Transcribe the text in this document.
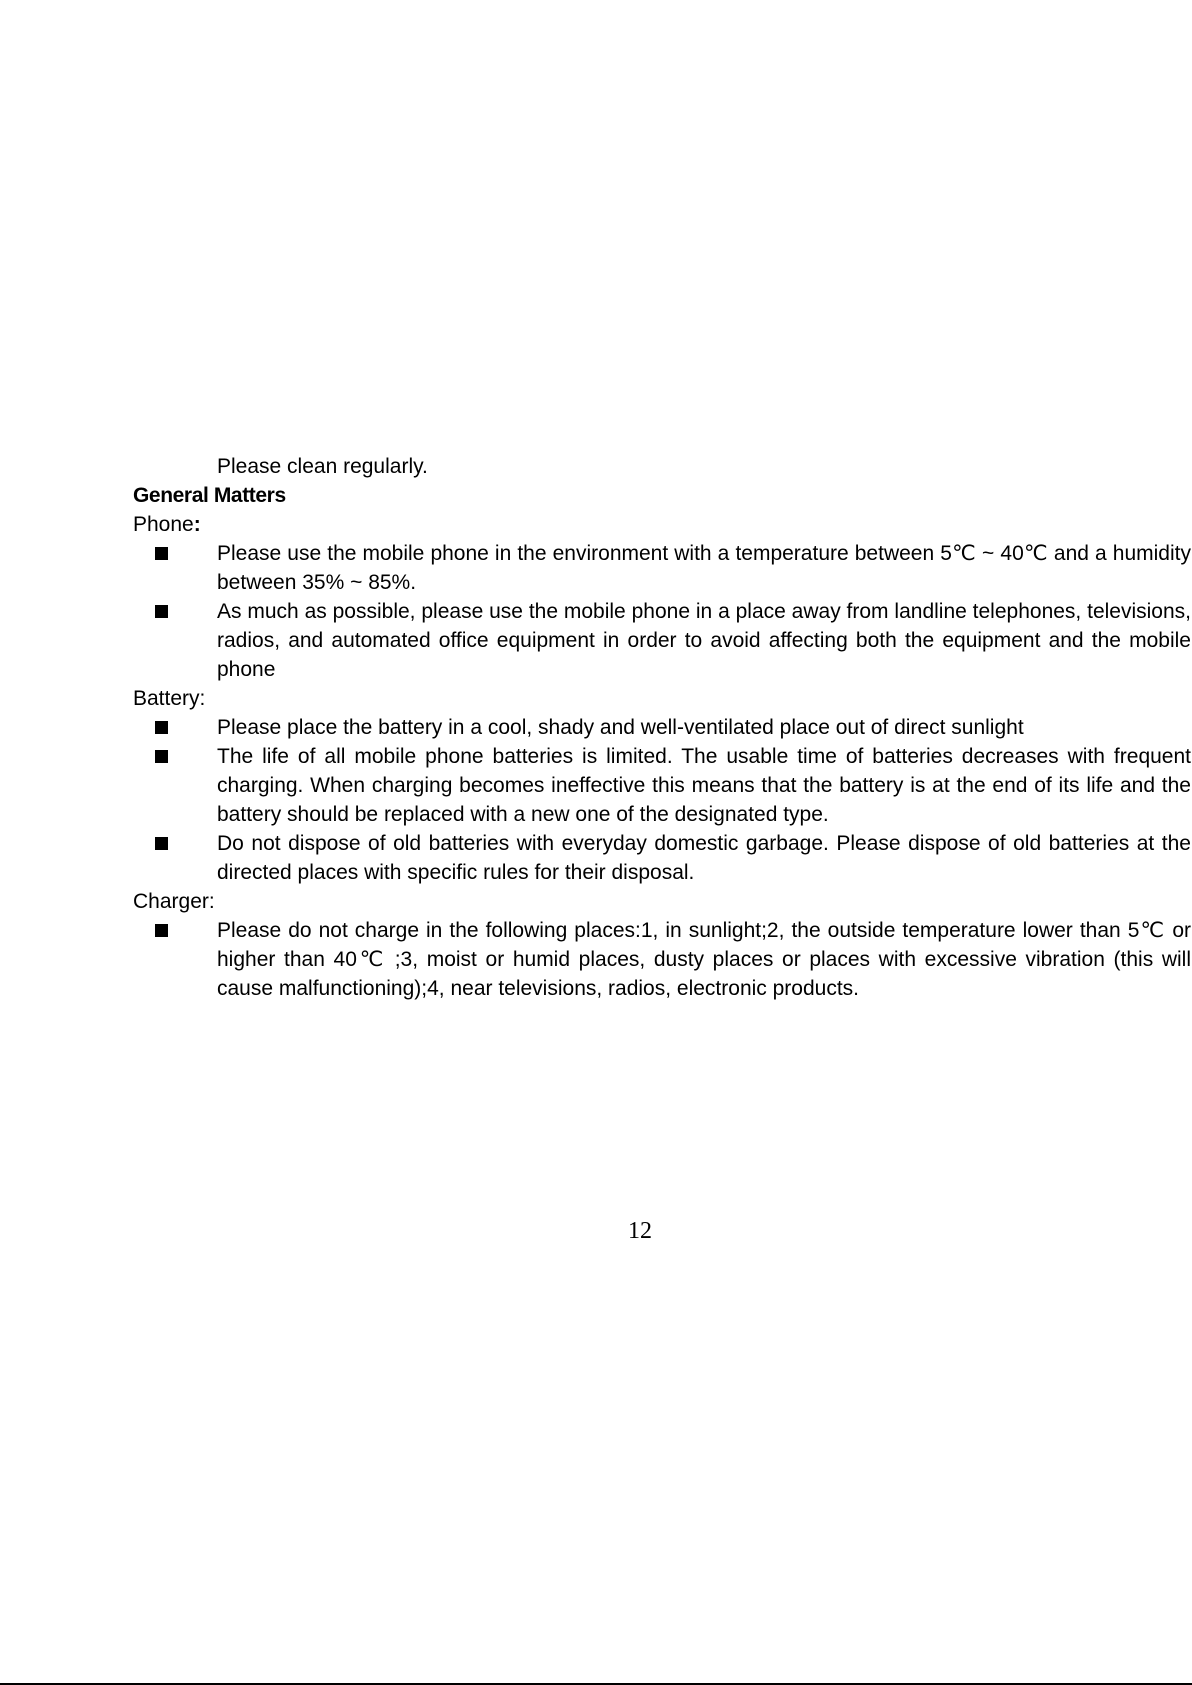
Please clean regularly.
General Matters
Phone:
Please use the mobile phone in the environment with a temperature between 5℃ ~ 40℃ and a humidity between 35% ~ 85%.
As much as possible, please use the mobile phone in a place away from landline telephones, televisions, radios, and automated office equipment in order to avoid affecting both the equipment and the mobile phone
Battery:
Please place the battery in a cool, shady and well-ventilated place out of direct sunlight
The life of all mobile phone batteries is limited. The usable time of batteries decreases with frequent charging. When charging becomes ineffective this means that the battery is at the end of its life and the battery should be replaced with a new one of the designated type.
Do not dispose of old batteries with everyday domestic garbage. Please dispose of old batteries at the directed places with specific rules for their disposal.
Charger:
Please do not charge in the following places:1, in sunlight;2, the outside temperature lower than 5℃ or higher than 40℃ ;3, moist or humid places, dusty places or places with excessive vibration (this will cause malfunctioning);4, near televisions, radios, electronic products.
12
